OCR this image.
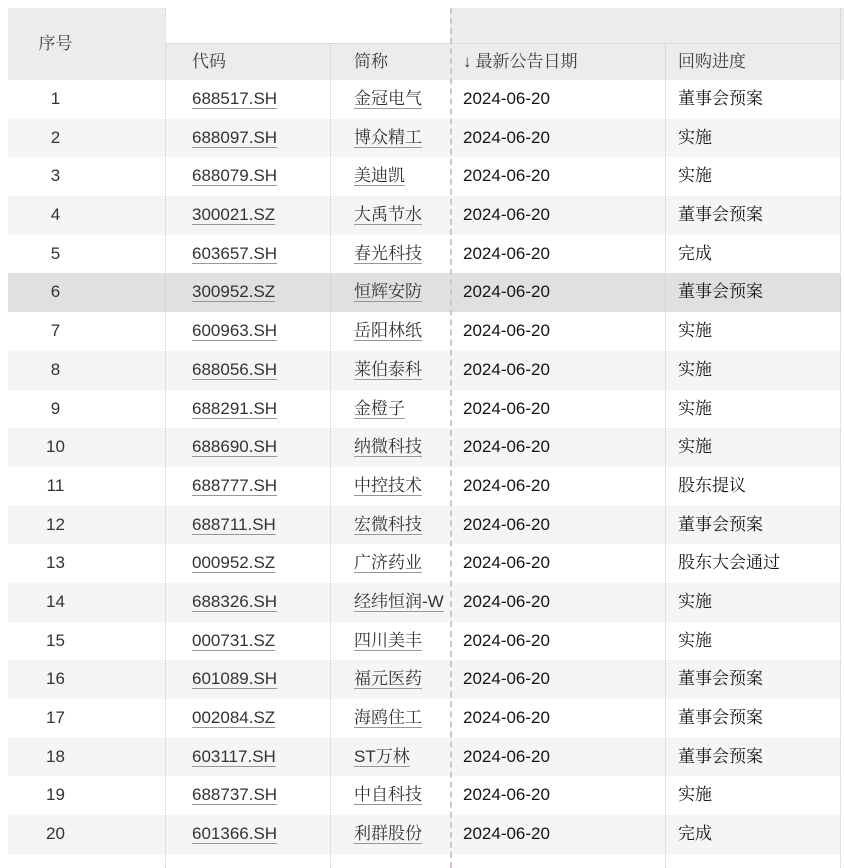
序号
代码	简称	↓ 最新公告日期	回购进度
1	688517.SH	金冠电气	2024-06-20	董事会预案
2	688097.SH	博众精工	2024-06-20	实施
3	688079.SH	美迪凯	2024-06-20	实施
4	300021.SZ	大禹节水	2024-06-20	董事会预案
5	603657.SH	春光科技	2024-06-20	完成
6	300952.SZ	恒辉安防	2024-06-20	董事会预案
7	600963.SH	岳阳林纸	2024-06-20	实施
8	688056.SH	莱伯泰科	2024-06-20	实施
9	688291.SH	金橙子	2024-06-20	实施
10	688690.SH	纳微科技	2024-06-20	实施
11	688777.SH	中控技术	2024-06-20	股东提议
12	688711.SH	宏微科技	2024-06-20	董事会预案
13	000952.SZ	广济药业	2024-06-20	股东大会通过
14	688326.SH	经纬恒润-W	2024-06-20	实施
15	000731.SZ	四川美丰	2024-06-20	实施
16	601089.SH	福元医药	2024-06-20	董事会预案
17	002084.SZ	海鸥住工	2024-06-20	董事会预案
18	603117.SH	ST万林	2024-06-20	董事会预案
19	688737.SH	中自科技	2024-06-20	实施
20	601366.SH	利群股份	2024-06-20	完成
